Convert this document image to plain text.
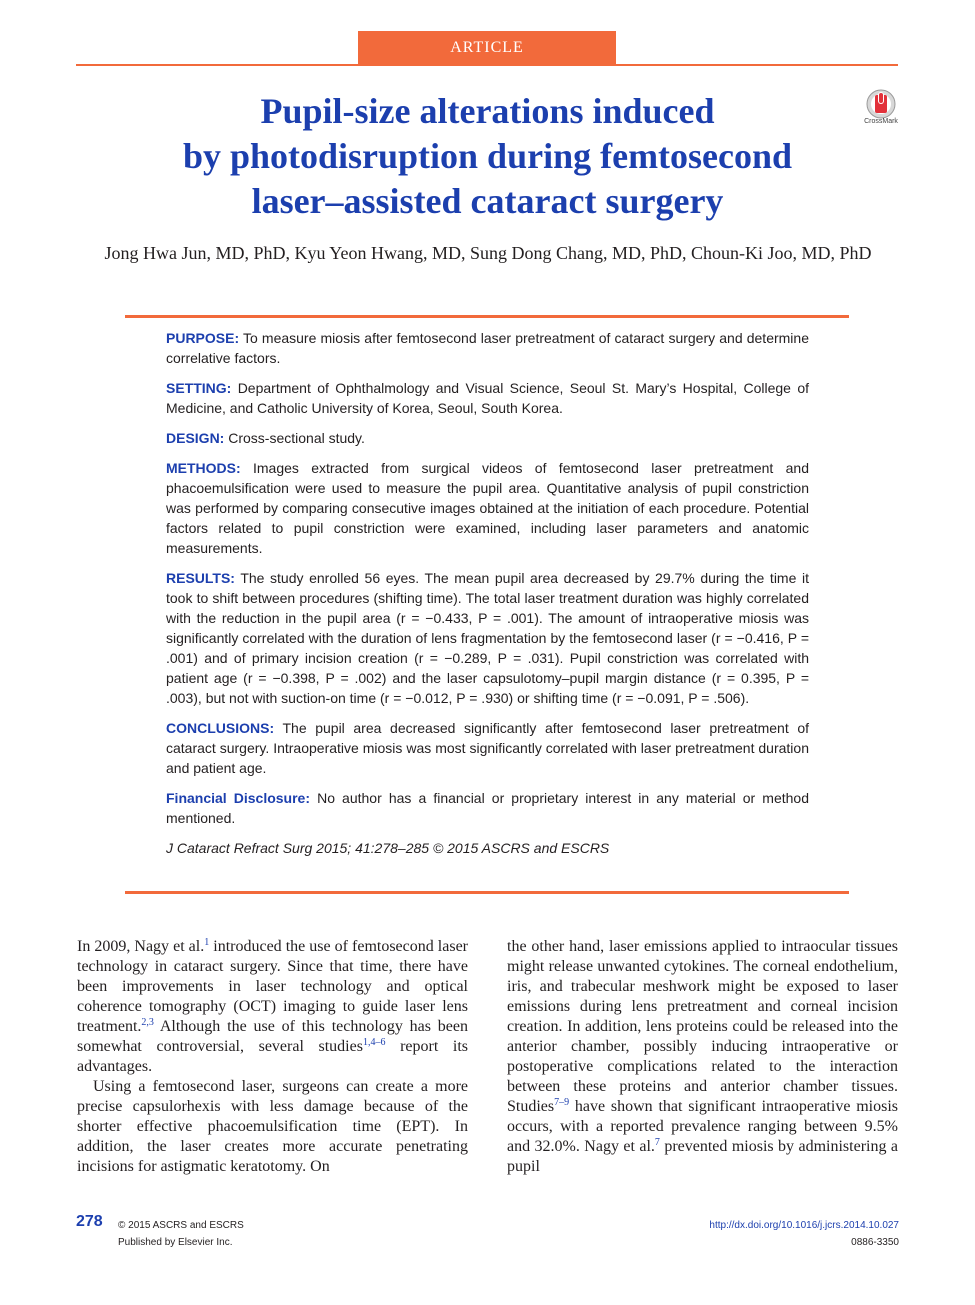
ARTICLE
Pupil-size alterations induced
by photodisruption during femtosecond
laser–assisted cataract surgery
CrossMark
Jong Hwa Jun, MD, PhD, Kyu Yeon Hwang, MD, Sung Dong Chang, MD, PhD, Choun-Ki Joo, MD, PhD

PURPOSE: To measure miosis after femtosecond laser pretreatment of cataract surgery and determine correlative factors.

SETTING: Department of Ophthalmology and Visual Science, Seoul St. Mary’s Hospital, College of Medicine, and Catholic University of Korea, Seoul, South Korea.

DESIGN: Cross-sectional study.

METHODS: Images extracted from surgical videos of femtosecond laser pretreatment and phacoemulsification were used to measure the pupil area. Quantitative analysis of pupil constriction was performed by comparing consecutive images obtained at the initiation of each procedure. Potential factors related to pupil constriction were examined, including laser parameters and anatomic measurements.

RESULTS: The study enrolled 56 eyes. The mean pupil area decreased by 29.7% during the time it took to shift between procedures (shifting time). The total laser treatment duration was highly correlated with the reduction in the pupil area (r = −0.433, P = .001). The amount of intraoperative miosis was significantly correlated with the duration of lens fragmentation by the femtosecond laser (r = −0.416, P = .001) and of primary incision creation (r = −0.289, P = .031). Pupil constriction was correlated with patient age (r = −0.398, P = .002) and the laser capsulotomy–pupil margin distance (r = 0.395, P = .003), but not with suction-on time (r = −0.012, P = .930) or shifting time (r = −0.091, P = .506).

CONCLUSIONS: The pupil area decreased significantly after femtosecond laser pretreatment of cataract surgery. Intraoperative miosis was most significantly correlated with laser pretreatment duration and patient age.

Financial Disclosure: No author has a financial or proprietary interest in any material or method mentioned.

J Cataract Refract Surg 2015; 41:278–285 © 2015 ASCRS and ESCRS

In 2009, Nagy et al.$^1$ introduced the use of femtosecond laser technology in cataract surgery. Since that time, there have been improvements in laser technology and optical coherence tomography (OCT) imaging to guide laser lens treatment.$^{2,3}$ Although the use of this technology has been somewhat controversial, several studies$^{1,4-6}$ report its advantages.

Using a femtosecond laser, surgeons can create a more precise capsulorhexis with less damage because of the shorter effective phacoemulsification time (EPT). In addition, the laser creates more accurate penetrating incisions for astigmatic keratotomy. On

the other hand, laser emissions applied to intraocular tissues might release unwanted cytokines. The corneal endothelium, iris, and trabecular meshwork might be exposed to laser emissions during lens pretreatment and corneal incision creation. In addition, lens proteins could be released into the anterior chamber, possibly inducing intraoperative or postoperative complications related to the interaction between these proteins and anterior chamber tissues. Studies$^{7-9}$ have shown that significant intraoperative miosis occurs, with a reported prevalence ranging between 9.5% and 32.0%. Nagy et al.$^7$ prevented miosis by administering a pupil

278 © 2015 ASCRS and ESCRS
Published by Elsevier Inc.
http://dx.doi.org/10.1016/j.jcrs.2014.10.027
0886-3350
